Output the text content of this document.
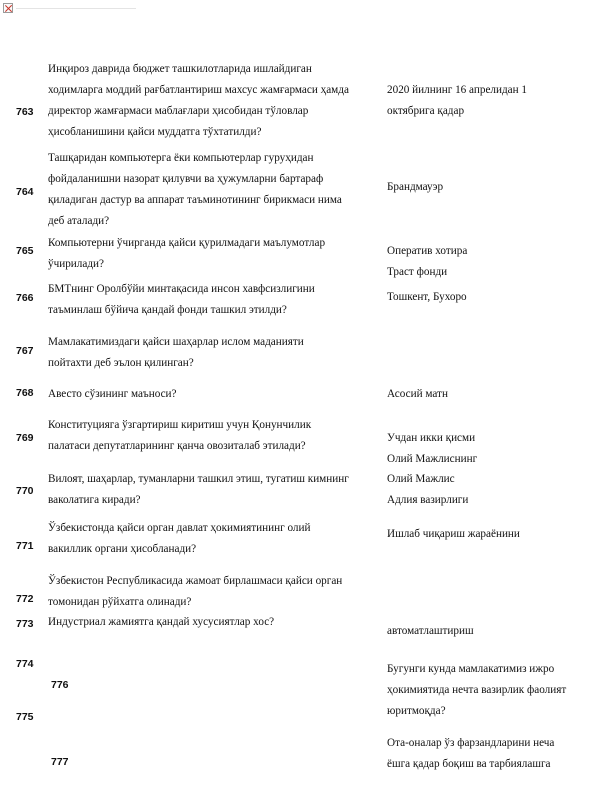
763
Инқироз даврида бюджет ташкилотларида ишлайдиган
ходимларга моддий рағбатлантириш махсус жамғармаси ҳамда
директор жамғармаси маблағлари ҳисобидан тўловлар
ҳисобланишини қайси муддатга тўхтатилди?
2020 йилнинг 16 апрелидан 1
октябрига қадар
764
Ташқаридан компьютерга ёки компьютерлар гуруҳидан
фойдаланишни назорат қилувчи ва ҳужумларни бартараф
қиладиган дастур ва аппарат таъминотининг бирикмаси нима
деб аталади?
Брандмауэр
765
Компьютерни ўчирганда қайси қурилмадаги маълумотлар
ўчирилади?
Оператив хотира
Траст фонди
766
БМТнинг Оролбўйи минтақасида инсон хавфсизлигини
таъминлаш бўйича қандай фонди ташкил этилди?
Тошкент, Бухоро
767
Мамлакатимиздаги қайси шаҳарлар ислом маданияти
пойтахти деб эълон қилинган?
768 Авесто сўзининг маъноси?	Асосий матн
769
Конституцияга ўзгартириш киритиш учун Қонунчилик
палатаси депутатларининг қанча овозиталаб этилади?
Учдан икки қисми
Олий Мажлиснинг
770
Вилоят, шаҳарлар, туманларни ташкил этиш, тугатиш кимнинг
ваколатига киради?
Олий Мажлис
Адлия вазирлиги
771
Ўзбекистонда қайси орган давлат ҳокимиятининг олий
вакиллик органи ҳисобланади?
Ишлаб чиқариш жараёнини
772
Ўзбекистон Республикасида жамоат бирлашмаси қайси орган
томонидан рўйхатга олинади?
773 Индустриал жамиятга қандай хусусиятлар хос?
автоматлаштириш
774	Бугунги кунда мамлакатимиз ижро
ҳокимиятида нечта вазирлик фаолият
юритмоқда?
776
775
Ота-оналар ўз фарзандларини неча
ёшга қадар боқиш ва тарбиялашга
777
